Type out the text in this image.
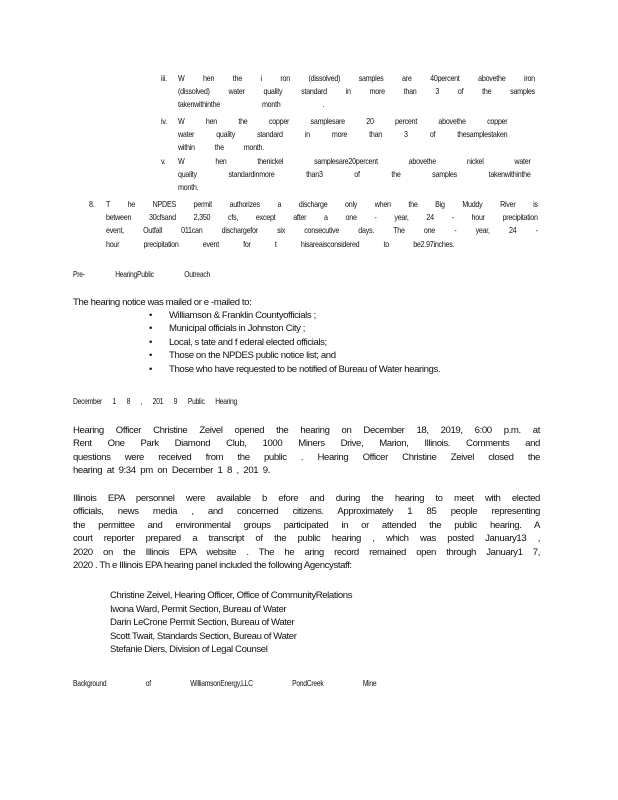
iii. W hen the i ron (dissolved) samples are 40percent abovethe iron
(dissolved) water quality standard in more than 3 of the samples
takenwithinthe month .
iv. W hen the copper samplesare 20 percent abovethe copper
water quality standard in more than 3 of thesamplestaken
within the month.
v. W hen thenickel samplesare20percent abovethe nickel water
quality standardinmore than3 of the samples takenwithinthe
month.
8. T he NPDES permit authorizes a discharge only when the Big Muddy River is
between 30cfsand 2,350 cfs, except after a one - year, 24 - hour precipitation
event, Outfall 011can dischargefor six consecutive days. The one - year, 24 -
hour precipitation event for t hisareaisconsidered to be2.97inches.
Pre- HearingPublic Outreach
The hearing notice was mailed or e -mailed to:
• Williamson & Franklin Countyofficials ;
• Municipal officials in Johnston City ;
• Local, s tate and f ederal elected officials;
• Those on the NPDES public notice list; and
• Those who have requested to be notified of Bureau of Water hearings.
December 1 8 , 201 9 Public Hearing
Hearing Officer Christine Zeivel opened the hearing on December 18, 2019, 6:00 p.m. at
Rent One Park Diamond Club, 1000 Miners Drive, Marion, Illinois. Comments and
questions were received from the public . Hearing Officer Christine Zeivel closed the
hearing at 9:34 pm on December 1 8 , 201 9.
Illinois EPA personnel were available b efore and during the hearing to meet with elected
officials, news media , and concerned citizens. Approximately 1 85 people representing
the permittee and environmental groups participated in or attended the public hearing. A
court reporter prepared a transcript of the public hearing , which was posted January13 ,
2020 on the Illinois EPA website . The he aring record remained open through January1 7,
2020 . Th e Illinois EPA hearing panel included the following Agencystaff:
Christine Zeivel, Hearing Officer, Office of CommunityRelations
Iwona Ward, Permit Section, Bureau of Water
Darin LeCrone Permit Section, Bureau of Water
Scott Twait, Standards Section, Bureau of Water
Stefanie Diers, Division of Legal Counsel
Background of WilliamsonEnergy,LLC PondCreek Mine
